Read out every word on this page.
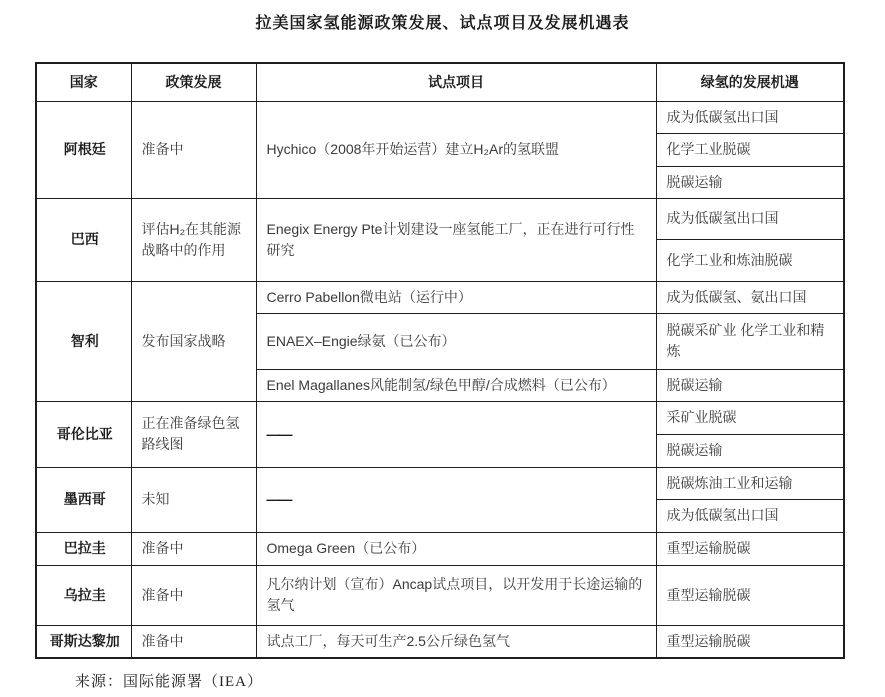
拉美国家氢能源政策发展、试点项目及发展机遇表
国家	政策发展	试点项目	绿氢的发展机遇
阿根廷	准备中	Hychico（2008年开始运营）建立H₂Ar的氢联盟	成为低碳氢出口国
			化学工业脱碳
			脱碳运输
巴西	评估H₂在其能源战略中的作用	Enegix Energy Pte计划建设一座氢能工厂，正在进行可行性研究	成为低碳氢出口国
			化学工业和炼油脱碳
智利	发布国家战略	Cerro Pabellon微电站（运行中）	成为低碳氢、氨出口国
		ENAEX–Engie绿氨（已公布）	脱碳采矿业 化学工业和精炼
		Enel Magallanes风能制氢/绿色甲醇/合成燃料（已公布）	脱碳运输
哥伦比亚	正在准备绿色氢路线图	——	采矿业脱碳
			脱碳运输
墨西哥	未知	——	脱碳炼油工业和运输
			成为低碳氢出口国
巴拉圭	准备中	Omega Green（已公布）	重型运输脱碳
乌拉圭	准备中	凡尔纳计划（宣布）Ancap试点项目，以开发用于长途运输的氢气	重型运输脱碳
哥斯达黎加	准备中	试点工厂，每天可生产2.5公斤绿色氢气	重型运输脱碳
来源：国际能源署（IEA）
